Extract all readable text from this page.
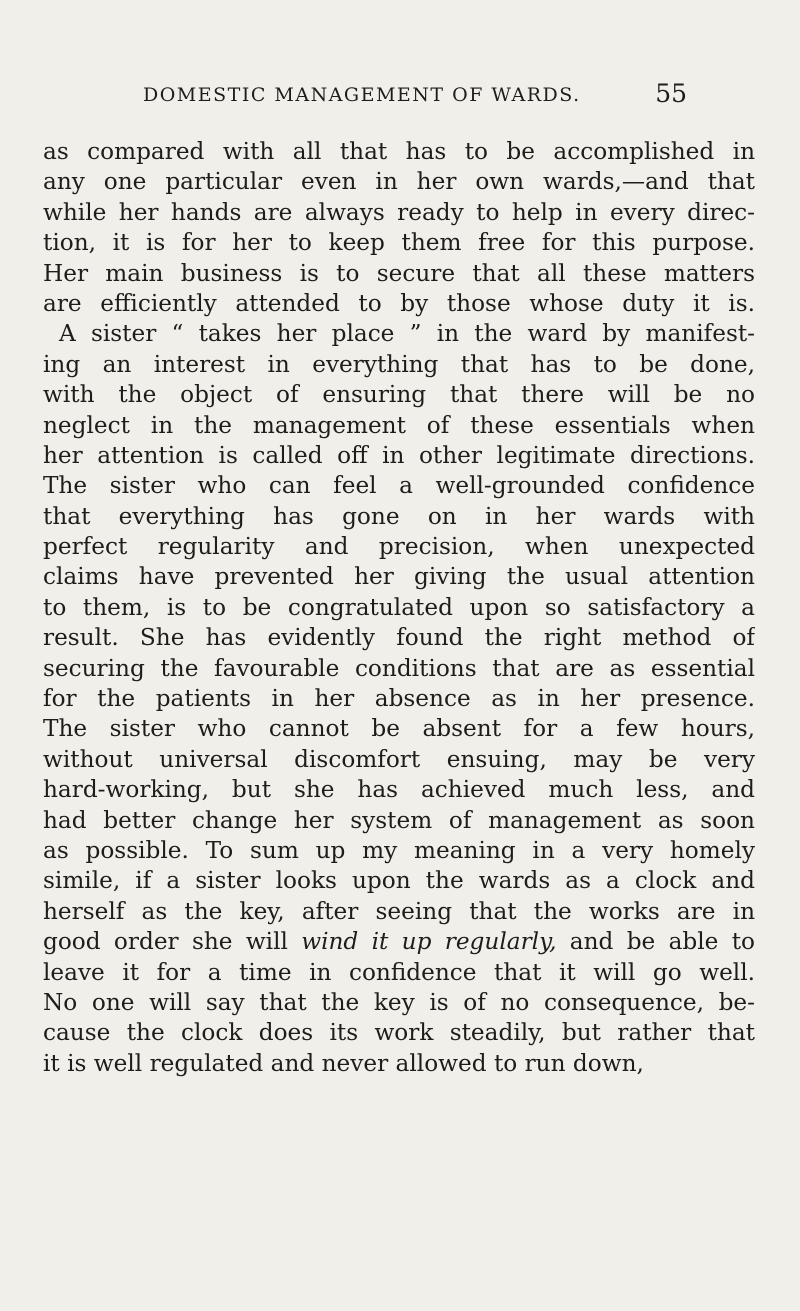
DOMESTIC MANAGEMENT OF WARDS.	55
as compared with all that has to be accomplished in
any one particular even in her own wards,—and that
while her hands are always ready to help in every direc-
tion, it is for her to keep them free for this purpose.
Her main business is to secure that all these matters
are efficiently attended to by those whose duty it is.
A sister “ takes her place ” in the ward by manifest-
ing an interest in everything that has to be done,
with the object of ensuring that there will be no
neglect in the management of these essentials when
her attention is called off in other legitimate directions.
The sister who can feel a well-grounded confidence
that everything has gone on in her wards with
perfect regularity and precision, when unexpected
claims have prevented her giving the usual attention
to them, is to be congratulated upon so satisfactory a
result. She has evidently found the right method of
securing the favourable conditions that are as essential
for the patients in her absence as in her presence.
The sister who cannot be absent for a few hours,
without universal discomfort ensuing, may be very
hard-working, but she has achieved much less, and
had better change her system of management as soon
as possible. To sum up my meaning in a very homely
simile, if a sister looks upon the wards as a clock and
herself as the key, after seeing that the works are in
good order she will wind it up regularly, and be able to
leave it for a time in confidence that it will go well.
No one will say that the key is of no consequence, be-
cause the clock does its work steadily, but rather that
it is well regulated and never allowed to run down,
